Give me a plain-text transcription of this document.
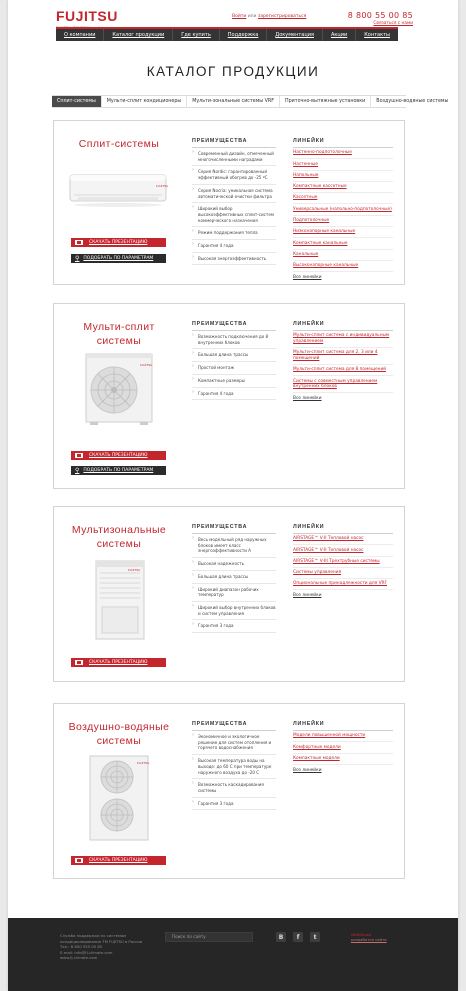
FUJITSU	Войти или зарегистрироваться	8 800 55 00 85
Связаться с нами
О компании	Каталог продукции	Где купить	Поддержка	Документация	Акции	Контакты
КАТАЛОГ ПРОДУКЦИИ
Сплит-системы	Мульти-сплит кондиционеры	Мульти-зональные системы VRF	Приточно-вытяжные установки	Воздушно-водяные системы
Сплит-системы
FUJITSU
СКАЧАТЬ ПРЕЗЕНТАЦИЮ
⚲ ПОДОБРАТЬ ПО ПАРАМЕТРАМ
ПРЕИМУЩЕСТВА
› Современный дизайн, отмеченный многочисленными наградами
› Серия Nordic: гарантированный эффективный обогрев до -25 ºС
› Серия Nocria: уникальная система автоматической очистки фильтра
› Широкий выбор высокоэффективных сплит-систем коммерческого назначения
› Режим поддержания тепла
› Гарантия 4 года
› Высокая энергоэффективность
ЛИНЕЙКИ
Настенно-подпотолочные
Настенные
Напольные
Компактные кассетные
Кассетные
Универсальные (напольно-подпотолочные)
Подпотолочные
Низконапорные канальные
Компактные канальные
Канальные
Высоконапорные канальные
Все линейки
Мульти-сплит системы
FUJITSU
СКАЧАТЬ ПРЕЗЕНТАЦИЮ
⚲ ПОДОБРАТЬ ПО ПАРАМЕТРАМ
ПРЕИМУЩЕСТВА
› Возможность подключения до 8 внутренних блоков
› Большая длина трассы
› Простой монтаж
› Компактные размеры
› Гарантия 4 года
ЛИНЕЙКИ
Мульти-сплит система с индивидуальным управлением
Мульти-сплит система для 2, 3 или 4 помещений
Мульти-сплит система для 8 помещений
Системы с совместным управлением внутренних блоков
Все линейки
Мультизональные системы
FUJITSU
СКАЧАТЬ ПРЕЗЕНТАЦИЮ
ПРЕИМУЩЕСТВА
› Весь модельный ряд наружных блоков имеет класс энергоэффективности А
› Высокая надежность
› Большая длина трассы
› Широкий диапазон рабочих температур
› Широкий выбор внутренних блоков и систем управления
› Гарантия 3 года
ЛИНЕЙКИ
AIRSTAGE™ V-II Тепловой насос
AIRSTAGE™ V-II Тепловой насос
AIRSTAGE™ V-III Трехтрубные системы
Системы управления
Опциональные принадлежности для VRF
Все линейки
Воздушно-водяные системы
FUJITSU
СКАЧАТЬ ПРЕЗЕНТАЦИЮ
ПРЕИМУЩЕСТВА
› Экономичное и экологичное решение для систем отопления и горячего водоснабжения
› Высокая температура воды на выходе: до 60 С при температуре наружного воздуха до -20 С
› Возможность каскадирования системы
› Гарантия 3 года
ЛИНЕЙКИ
Модели повышенной мощности
Комфортные модели
Компактные модели
Все линейки
Служба поддержки по системам кондиционирования ТМ FUJITSU в России
Тел.: 8 800 555 00 85
E-mail: info@fj-climate.com
www.fj-climate.com
Поиск по сайту	В	f	t	WebStudio
разработка сайта
